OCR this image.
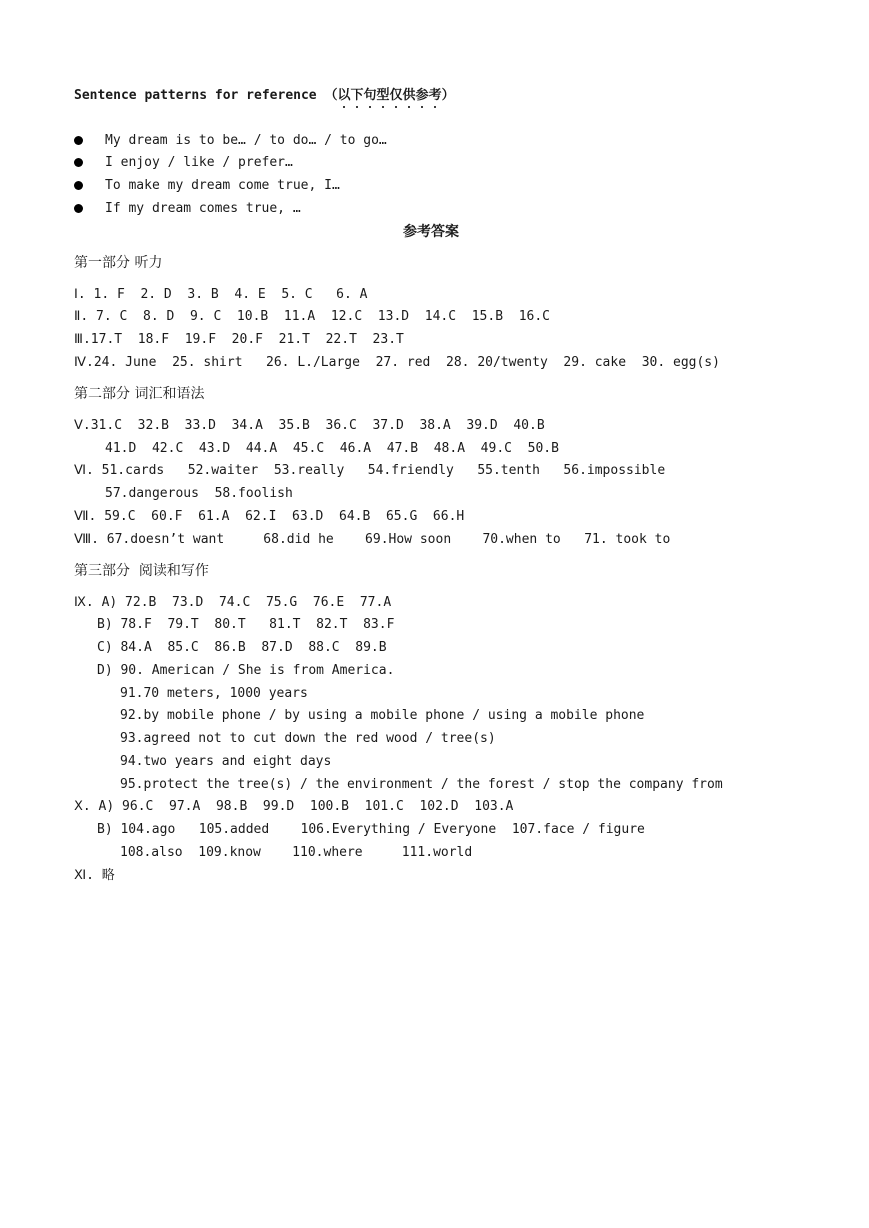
Sentence patterns for reference （以下句型仅供参考）
My dream is to be… / to do… / to go…
I enjoy / like / prefer…
To make my dream come true, I…
If my dream comes true, …
参考答案
第一部分 听力
Ⅰ. 1. F  2. D  3. B  4. E  5. C   6. A
Ⅱ. 7. C  8. D  9. C  10.B  11.A  12.C  13.D  14.C  15.B  16.C
Ⅲ.17.T  18.F  19.F  20.F  21.T  22.T  23.T
Ⅳ.24. June  25. shirt   26. L./Large  27. red  28. 20/twenty  29. cake  30. egg(s)
第二部分 词汇和语法
Ⅴ.31.C  32.B  33.D  34.A  35.B  36.C  37.D  38.A  39.D  40.B
41.D  42.C  43.D  44.A  45.C  46.A  47.B  48.A  49.C  50.B
Ⅵ. 51.cards   52.waiter  53.really   54.friendly   55.tenth   56.impossible
57.dangerous  58.foolish
Ⅶ. 59.C  60.F  61.A  62.I  63.D  64.B  65.G  66.H
Ⅷ. 67.doesn’t want     68.did he    69.How soon    70.when to   71. took to
第三部分  阅读和写作
Ⅸ. A) 72.B  73.D  74.C  75.G  76.E  77.A
B) 78.F  79.T  80.T   81.T  82.T  83.F
C) 84.A  85.C  86.B  87.D  88.C  89.B
D) 90. American / She is from America.
91.70 meters, 1000 years
92.by mobile phone / by using a mobile phone / using a mobile phone
93.agreed not to cut down the red wood / tree(s)
94.two years and eight days
95.protect the tree(s) / the environment / the forest / stop the company from
Ⅹ. A) 96.C  97.A  98.B  99.D  100.B  101.C  102.D  103.A
B) 104.ago   105.added    106.Everything / Everyone  107.face / figure
108.also  109.know    110.where     111.world
Ⅺ. 略
